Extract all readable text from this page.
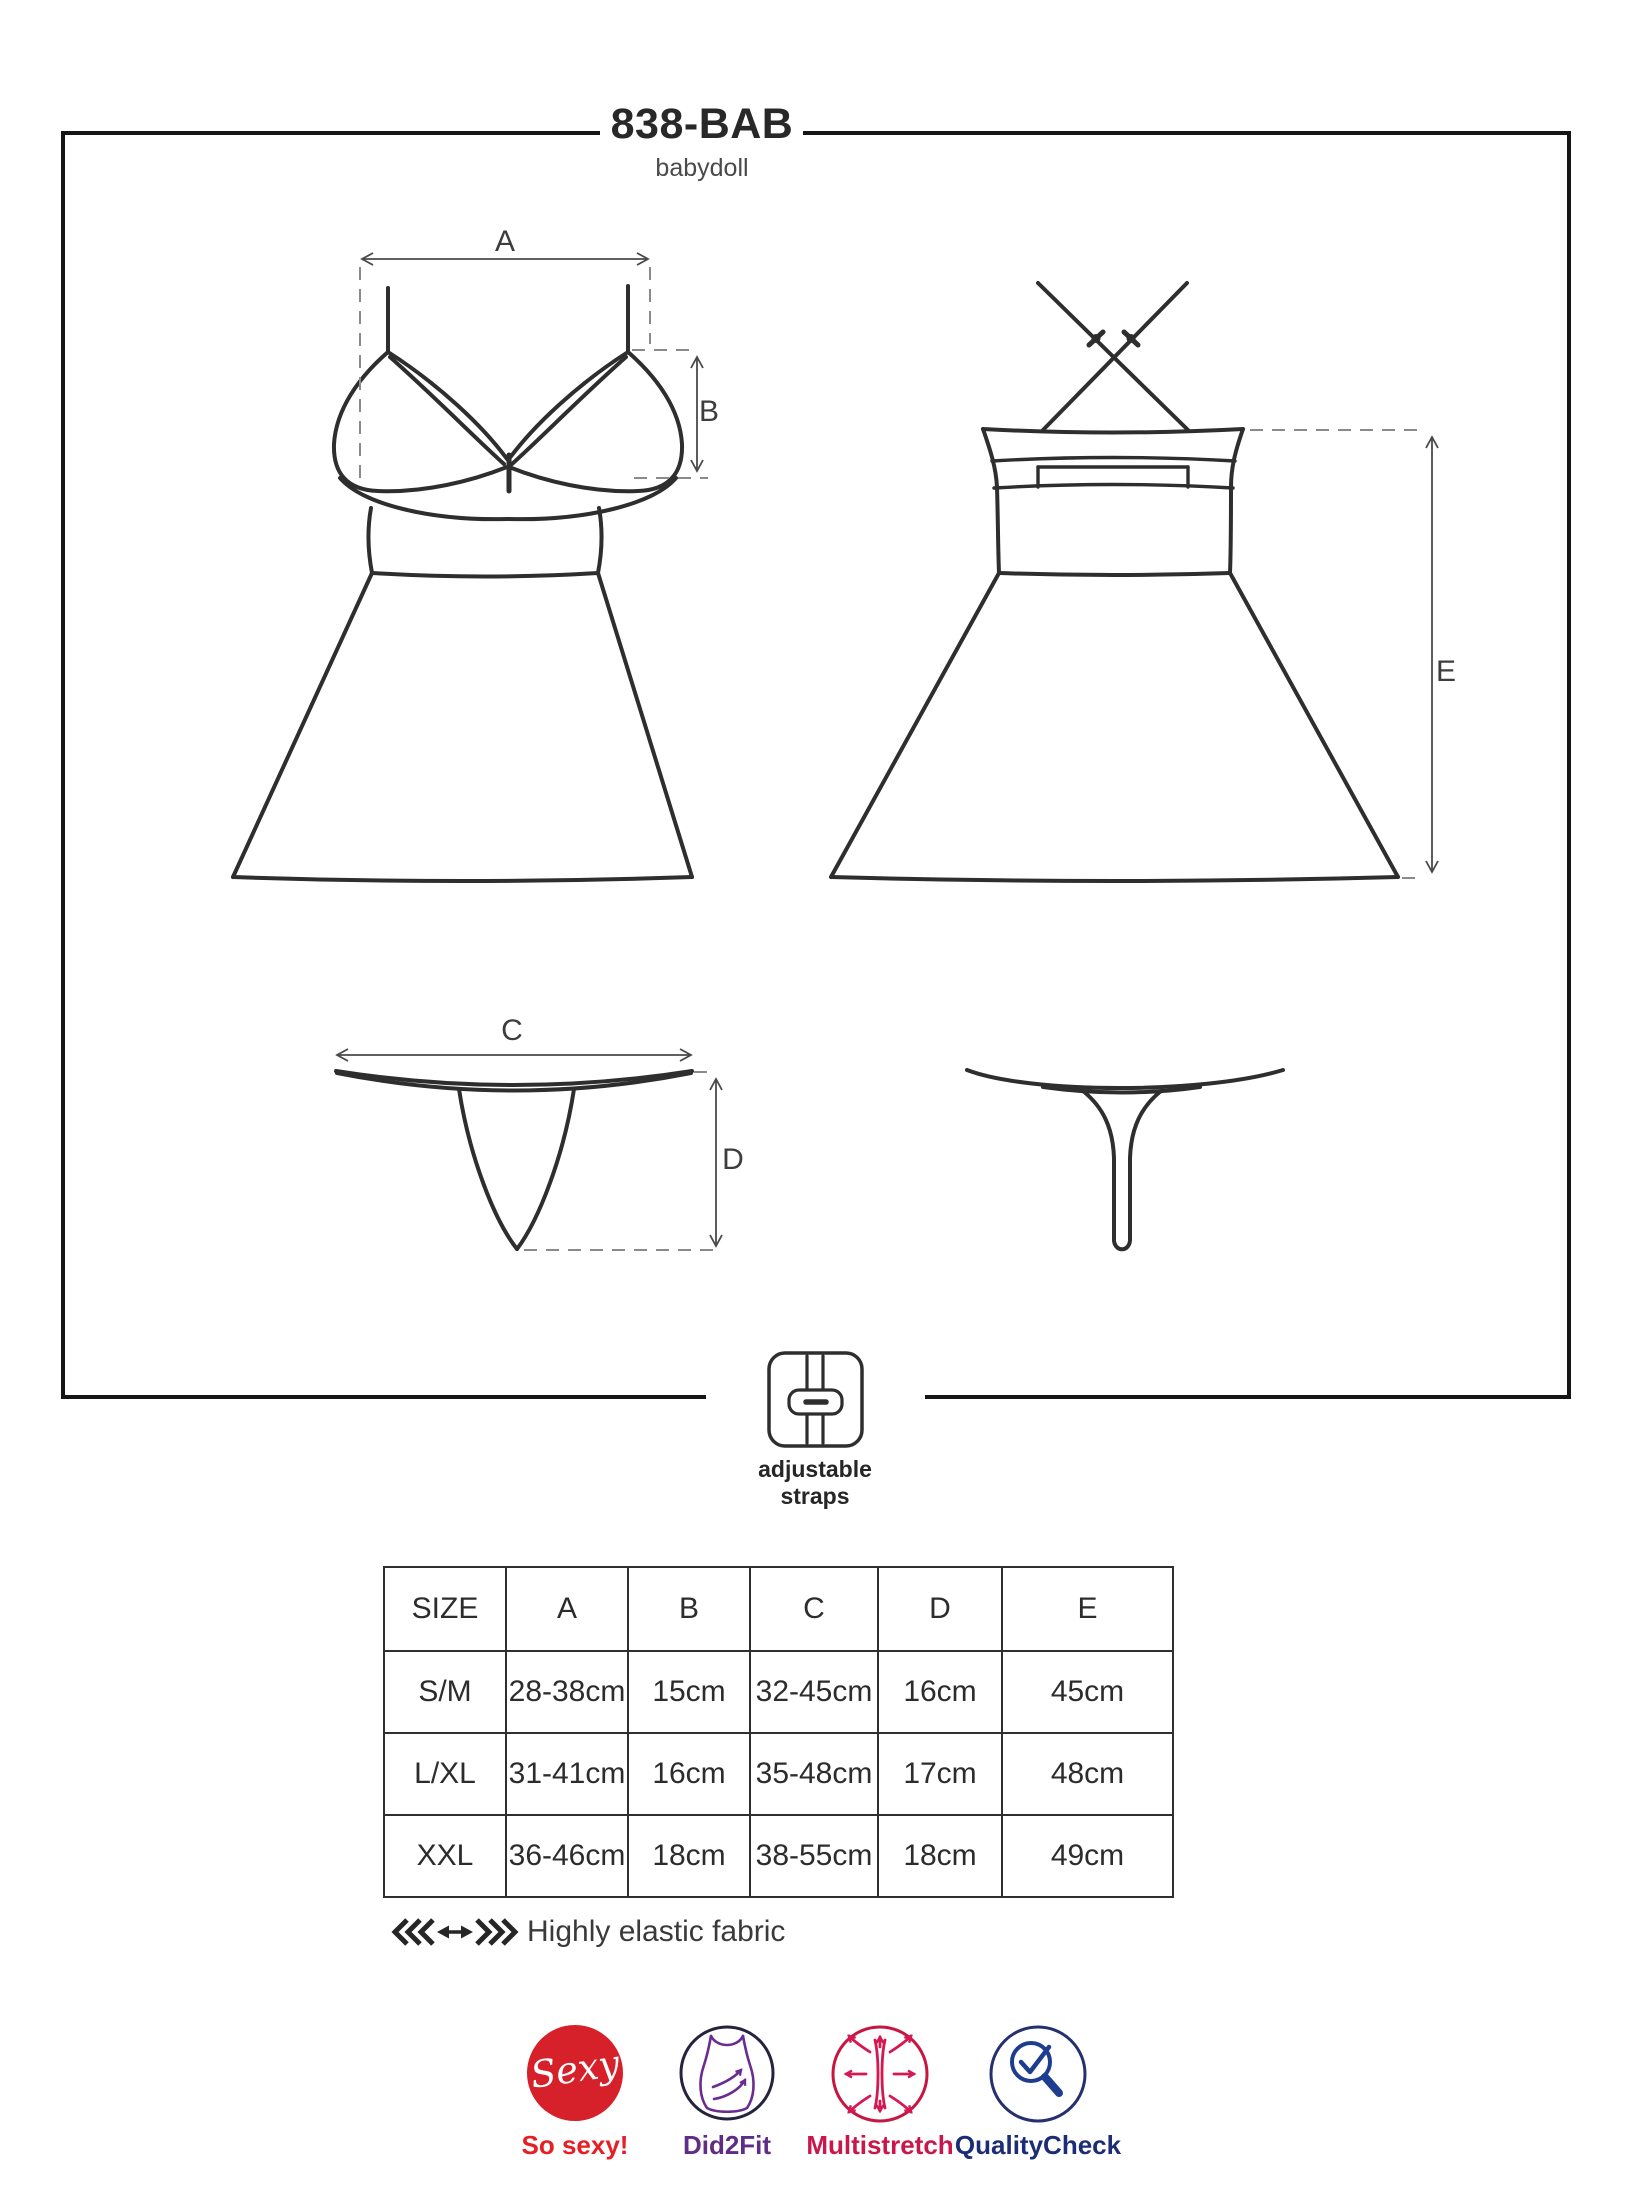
838-BAB
babydoll
A
B
C
D
E
adjustable
straps
SIZE	A	B	C	D	E
S/M	28-38cm	15cm	32-45cm	16cm	45cm
L/XL	31-41cm	16cm	35-48cm	17cm	48cm
XXL	36-46cm	18cm	38-55cm	18cm	49cm
Highly elastic fabric
Sexy
So sexy! Did2Fit Multistretch QualityCheck
